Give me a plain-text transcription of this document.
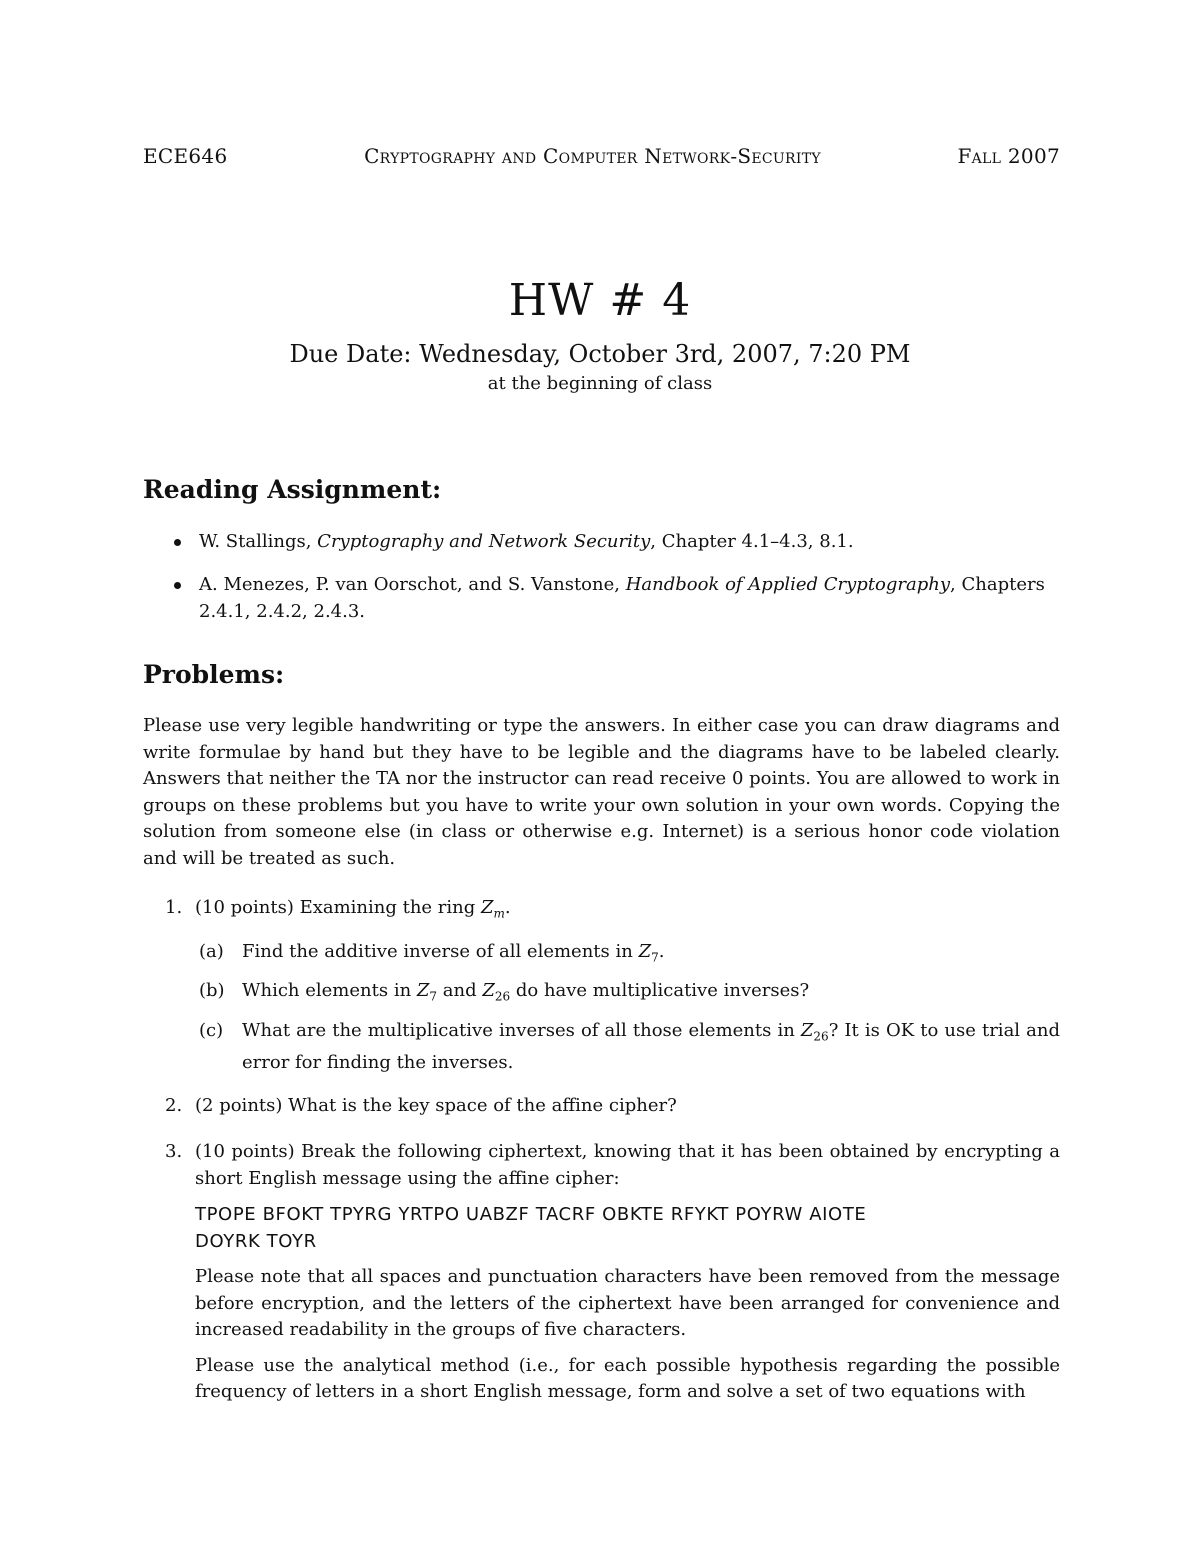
ECE646	Cryptography and Computer Network-Security	Fall 2007
HW # 4
Due Date: Wednesday, October 3rd, 2007, 7:20 PM
at the beginning of class
Reading Assignment:
W. Stallings, Cryptography and Network Security, Chapter 4.1–4.3, 8.1.
A. Menezes, P. van Oorschot, and S. Vanstone, Handbook of Applied Cryptography, Chapters 2.4.1, 2.4.2, 2.4.3.
Problems:
Please use very legible handwriting or type the answers. In either case you can draw diagrams and write formulae by hand but they have to be legible and the diagrams have to be labeled clearly. Answers that neither the TA nor the instructor can read receive 0 points. You are allowed to work in groups on these problems but you have to write your own solution in your own words. Copying the solution from someone else (in class or otherwise e.g. Internet) is a serious honor code violation and will be treated as such.
1. (10 points) Examining the ring $Z_m$.
(a) Find the additive inverse of all elements in $Z_7$.
(b) Which elements in $Z_7$ and $Z_{26}$ do have multiplicative inverses?
(c) What are the multiplicative inverses of all those elements in $Z_{26}$? It is OK to use trial and error for finding the inverses.
2. (2 points) What is the key space of the affine cipher?
3. (10 points) Break the following ciphertext, knowing that it has been obtained by encrypting a short English message using the affine cipher:
TPOPE BFOKT TPYRG YRTPO UABZF TACRF OBKTE RFYKT POYRW AIOTE
DOYRK TOYR
Please note that all spaces and punctuation characters have been removed from the message before encryption, and the letters of the ciphertext have been arranged for convenience and increased readability in the groups of five characters.
Please use the analytical method (i.e., for each possible hypothesis regarding the possible frequency of letters in a short English message, form and solve a set of two equations with
